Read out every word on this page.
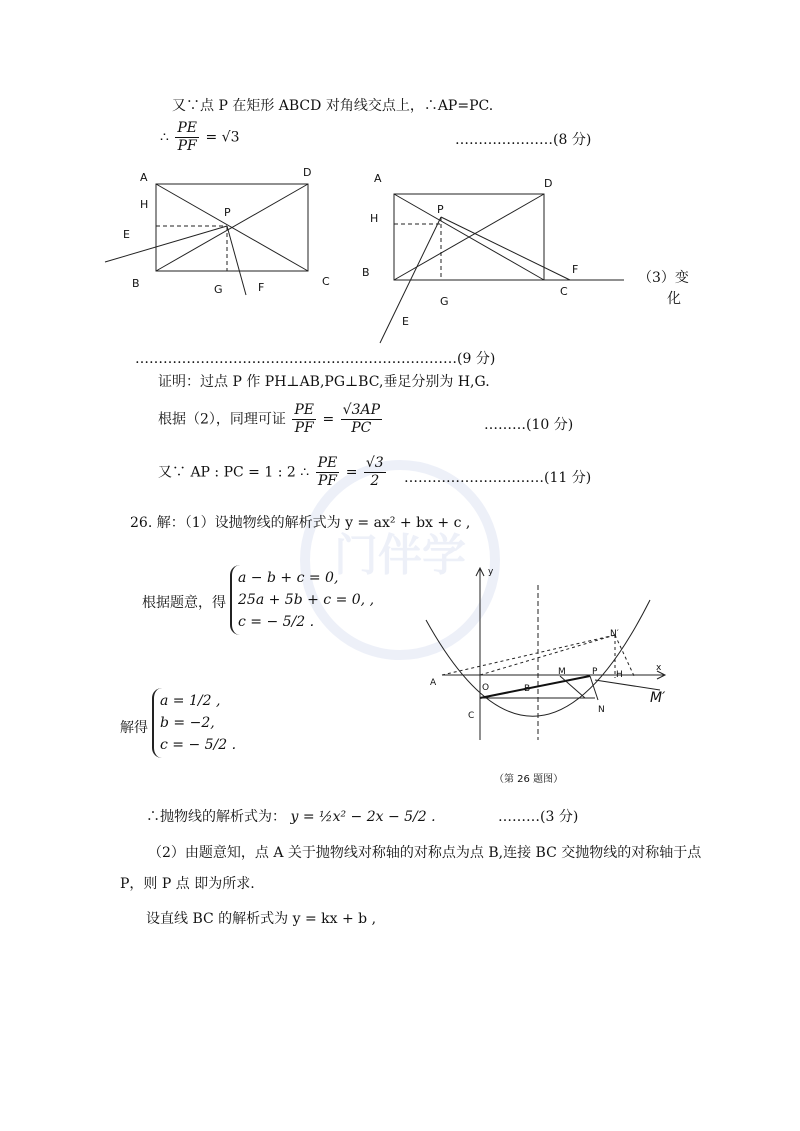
门伴学
又∵点 P 在矩形 ABCD 对角线交点上，∴AP=PC.
∴ $\frac{PE}{PF} = √3$	…………………(8 分)
A	D
H
P
E
B	G	F	C
A	D
H
P
B	F
C
G
E
（3）变
化
……………………………………………………………(9 分)
证明：过点 P 作 PH⊥AB,PG⊥BC,垂足分别为 H,G.
根据（2），同理可证 $\frac{PE}{PF} = \frac{√3AP}{PC}$	………(10 分)
又∵ AP : PC = 1 : 2 ∴ $\frac{PE}{PF} = \frac{√3}{2}$ …………………………(11 分)
26. 解：（1）设抛物线的解析式为 y = ax² + bx + c ,
根据题意，得
a − b + c = 0,
25a + 5b + c = 0, ,
c = − 5/2 .
解得
a = 1/2 ,
b = −2,
c = − 5/2 .
y
x
A	O
C
M
B
P
N
N′
H
M′
（第 26 题图）
∴抛物线的解析式为： y = ½x² − 2x − 5/2 .	………(3 分)
（2）由题意知，点 A 关于抛物线对称轴的对称点为点 B,连接 BC 交抛物线的对称轴于点
P，则 P 点 即为所求.
设直线 BC 的解析式为 y = kx + b ,
